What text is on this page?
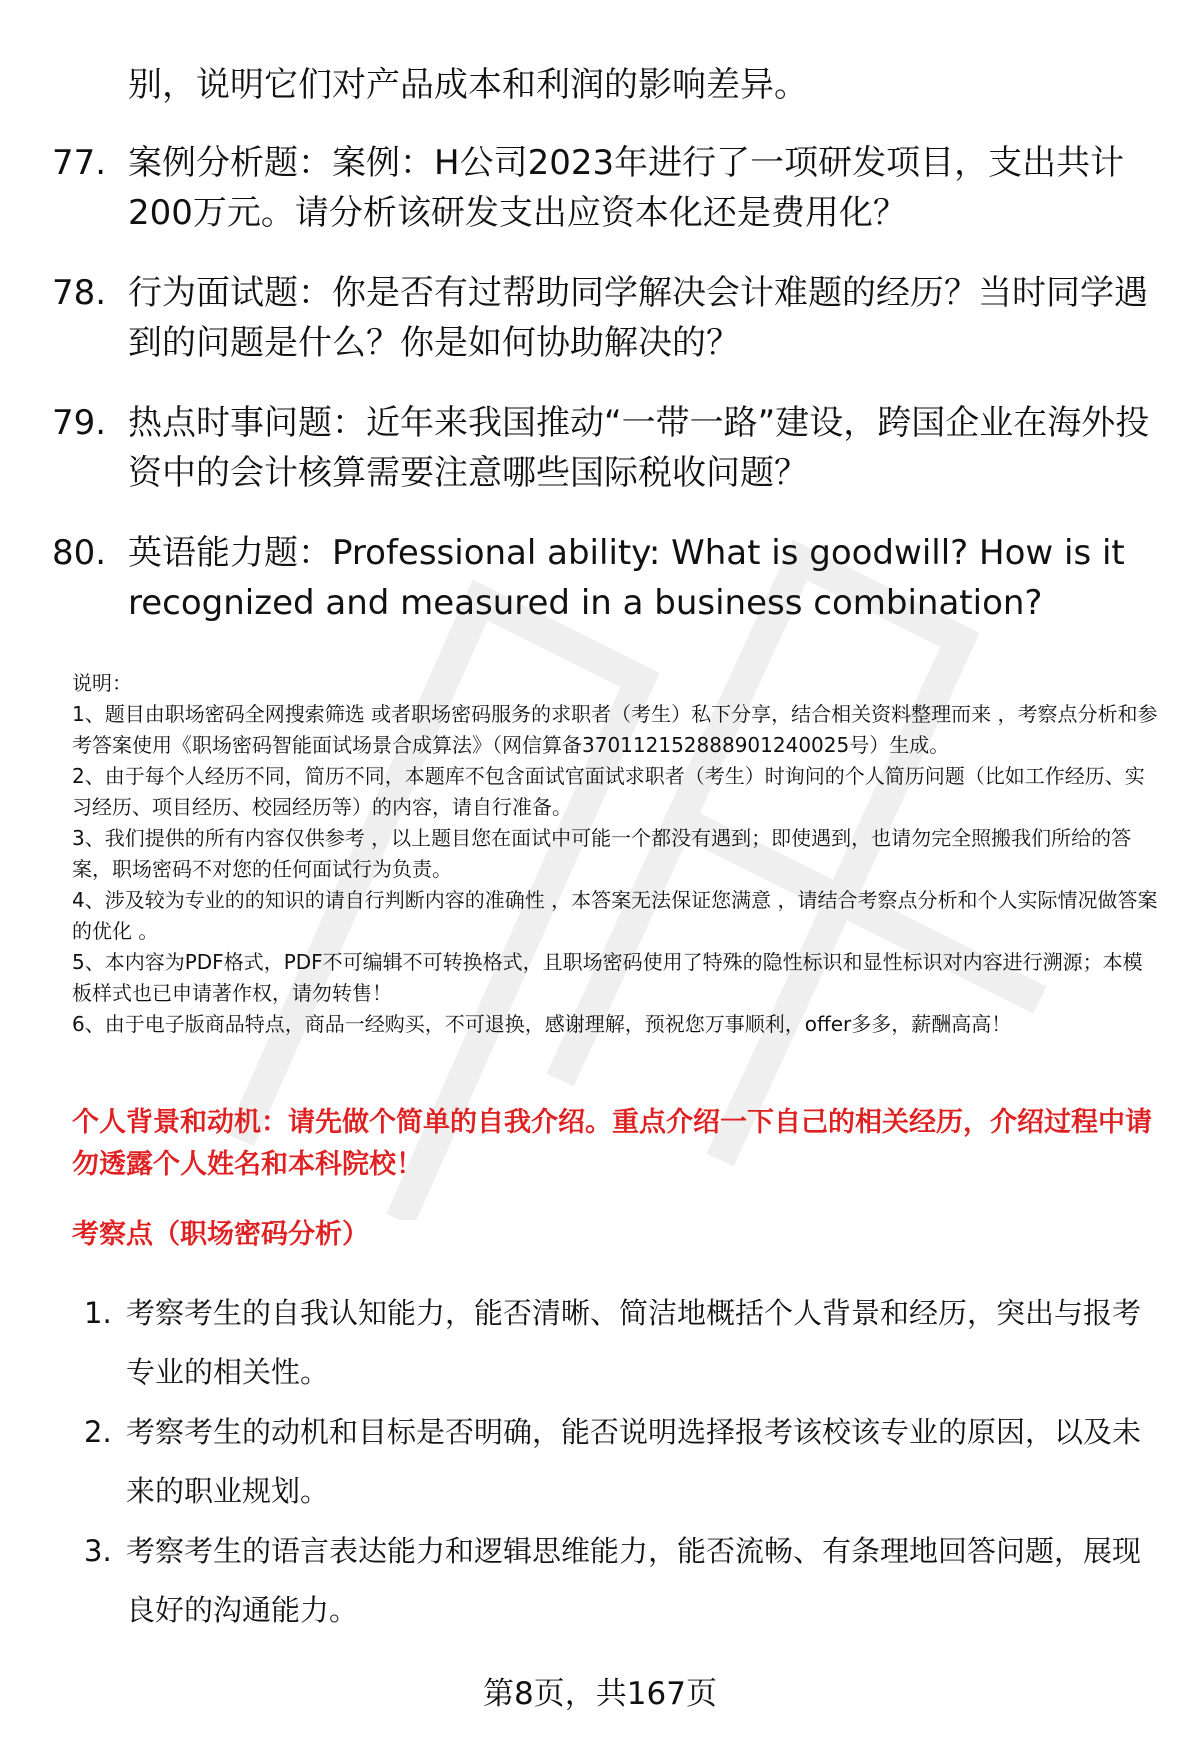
别，说明它们对产品成本和利润的影响差异。
77. 案例分析题：案例：H公司2023年进行了一项研发项目，支出共计200万元。请分析该研发支出应资本化还是费用化？
78. 行为面试题：你是否有过帮助同学解决会计难题的经历？当时同学遇到的问题是什么？你是如何协助解决的？
79. 热点时事问题：近年来我国推动“一带一路”建设，跨国企业在海外投资中的会计核算需要注意哪些国际税收问题？
80. 英语能力题：Professional ability: What is goodwill? How is it recognized and measured in a business combination?

说明：

1、题目由职场密码全网搜索筛选 或者职场密码服务的求职者（考生）私下分享，结合相关资料整理而来 ，考察点分析和参考答案使用《职场密码智能面试场景合成算法》（网信算备370112152888901240025号）生成。

2、由于每个人经历不同，简历不同，本题库不包含面试官面试求职者（考生）时询问的个人简历问题（比如工作经历、实习经历、项目经历、校园经历等）的内容，请自行准备。

3、我们提供的所有内容仅供参考 ，以上题目您在面试中可能一个都没有遇到；即使遇到，也请勿完全照搬我们所给的答案，职场密码不对您的任何面试行为负责。

4、涉及较为专业的的知识的请自行判断内容的准确性 ，本答案无法保证您满意 ，请结合考察点分析和个人实际情况做答案的优化 。

5、本内容为PDF格式，PDF不可编辑不可转换格式，且职场密码使用了特殊的隐性标识和显性标识对内容进行溯源；本模板样式也已申请著作权，请勿转售！

6、由于电子版商品特点，商品一经购买，不可退换，感谢理解，预祝您万事顺利，offer多多，薪酬高高！

个人背景和动机：请先做个简单的自我介绍。重点介绍一下自己的相关经历，介绍过程中请勿透露个人姓名和本科院校！
考察点（职场密码分析）
1. 考察考生的自我认知能力，能否清晰、简洁地概括个人背景和经历，突出与报考专业的相关性。
2. 考察考生的动机和目标是否明确，能否说明选择报考该校该专业的原因，以及未来的职业规划。
3. 考察考生的语言表达能力和逻辑思维能力，能否流畅、有条理地回答问题，展现良好的沟通能力。
第8页，共167页
